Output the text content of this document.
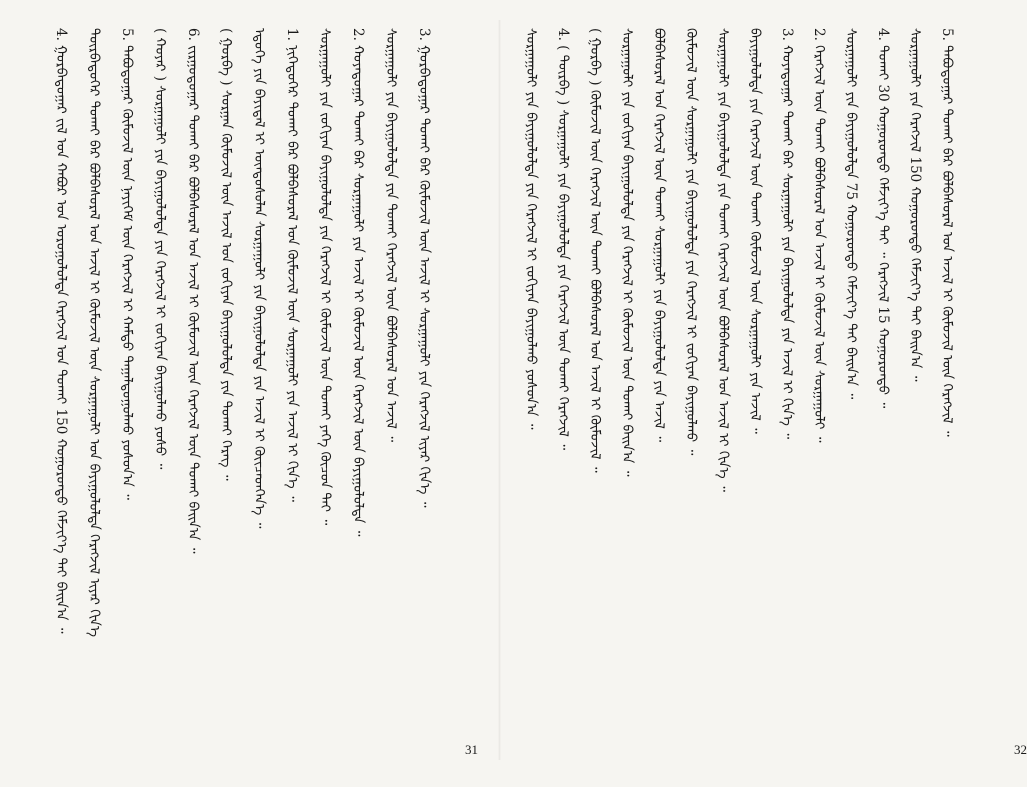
4. ᠭᠤᠷᠪᠠᠳᠤᠭᠠᠷ ᠵᠢᠯ ᠤᠨ ᠬᠠᠪᠤᠷ ᠤᠨ ᠤᠷᠤᠭᠤᠯᠤᠯᠳᠠ ᠬᠡᠷᠡᠭᠵᠢᠯ ᠤᠨ ᠲᠤᠬᠠᠢ 150 ᠬᠣᠭᠣᠷᠣᠨᠳᠣ ᠬᠡᠮᠵᠢᠶ᠎ᠡ ᠲᠠᠢ ᠪᠠᠢᠨ᠎ᠠ ᠃ ᠳᠦᠷᠪᠡᠳᠦᠭᠡᠷ ᠲᠤᠬᠠᠢ ᠪᠡᠷ ᠪᠣᠯᠪᠠᠰᠤᠷᠠᠯ ᠤᠨ ᠠᠵᠢᠯ ᠢ ᠬᠦᠮᠦᠵᠢᠯ ᠦᠨ ᠰᠤᠷᠭᠠᠭᠤᠯᠢ ᠤᠨ ᠪᠠᠶᠢᠭᠤᠯᠤᠯᠳᠠ ᠬᠡᠷᠡᠭᠵᠢᠯ ᠢᠶᠡᠷ ᠬᠢᠨ᠎ᠡ 5. ᠲᠠᠪᠤᠳᠤᠭᠠᠷ ᠬᠦᠮᠦᠵᠢᠯ ᠦᠨ ᠨᠡᠶᠢᠭᠡᠮ ᠦᠨ ᠬᠡᠷᠡᠭᠵᠢᠯ ᠢ ᠬᠠᠮᠲᠤ ᠳᠠᠭᠠᠯᠳᠤᠭᠤᠯᠬᠤ ᠶᠣᠰᠣᠨ᠎ᠠ ᠃ ( ᠬᠣᠶᠠᠷ ) ᠰᠤᠷᠭᠠᠭᠤᠯᠢ ᠶᠢᠨ ᠪᠠᠶᠢᠭᠤᠯᠤᠯᠳᠠ ᠶᠢᠨ ᠬᠡᠷᠡᠭᠵᠢᠯ ᠢ ᠵᠣᠬᠢᠶᠠᠨ ᠪᠠᠶᠢᠭᠤᠯᠬᠤ ᠶᠣᠰᠣ ᠃ 6. ᠵᠢᠷᠭᠤᠳᠤᠭᠠᠷ ᠲᠤᠬᠠᠢ ᠪᠡᠷ ᠪᠣᠯᠪᠠᠰᠤᠷᠠᠯ ᠤᠨ ᠠᠵᠢᠯ ᠢ ᠬᠦᠮᠦᠵᠢᠯ ᠦᠨ ᠬᠡᠷᠡᠭᠵᠢᠯ ᠦᠨ ᠲᠤᠬᠠᠢ ᠪᠠᠢᠨ᠎ᠠ ᠃ ( ᠭᠤᠷᠪᠠ ) ᠰᠤᠷᠭᠠᠨ ᠬᠦᠮᠦᠵᠢᠯ ᠦᠨ ᠠᠵᠢᠯ ᠤᠨ ᠵᠣᠬᠢᠶᠠᠨ ᠪᠠᠶᠢᠭᠤᠯᠤᠯᠳᠠ ᠶᠢᠨ ᠲᠤᠬᠠᠢ ᠭᠡᠷᠡᠭ ᠃ ᠡᠳᠦᠭᠡ ᠶᠢᠨ ᠪᠠᠶᠢᠳᠠᠯ ᠢ ᠦᠨᠳᠦᠰᠦᠯᠡᠨ ᠰᠤᠷᠭᠠᠭᠤᠯᠢ ᠶᠢᠨ ᠪᠠᠶᠢᠭᠤᠯᠤᠯᠳᠠ ᠶᠢᠨ ᠠᠵᠢᠯ ᠢ ᠭᠦᠢᠴᠡᠳᠭᠡᠨ᠎ᠡ ᠃ 1. ᠨᠢᠭᠡᠳᠦᠭᠡᠷ ᠲᠤᠬᠠᠢ ᠪᠡᠷ ᠪᠣᠯᠪᠠᠰᠤᠷᠠᠯ ᠤᠨ ᠬᠦᠮᠦᠵᠢᠯ ᠦᠨ ᠰᠤᠷᠭᠠᠭᠤᠯᠢ ᠶᠢᠨ ᠠᠵᠢᠯ ᠢ ᠬᠢᠨ᠎ᠡ ᠃ ᠰᠤᠷᠭᠠᠭᠤᠯᠢ ᠶᠢᠨ ᠵᠣᠬᠢᠶᠠᠨ ᠪᠠᠶᠢᠭᠤᠯᠤᠯᠳᠠ ᠶᠢᠨ ᠬᠡᠷᠡᠭᠵᠢᠯ ᠢ ᠬᠦᠮᠦᠵᠢᠯ ᠦᠨ ᠲᠤᠬᠠᠢ ᠶᠡᠬᠡ ᠬᠦᠴᠦᠨ ᠲᠠᠢ ᠃ 2. ᠬᠣᠶᠠᠳᠤᠭᠠᠷ ᠲᠤᠬᠠᠢ ᠪᠡᠷ ᠰᠤᠷᠭᠠᠭᠤᠯᠢ ᠶᠢᠨ ᠠᠵᠢᠯ ᠢ ᠬᠦᠮᠦᠵᠢᠯ ᠦᠨ ᠬᠡᠷᠡᠭᠵᠢᠯ ᠦᠨ ᠪᠠᠶᠢᠭᠤᠯᠤᠯᠳᠠ ᠃ ᠰᠤᠷᠭᠠᠭᠤᠯᠢ ᠶᠢᠨ ᠪᠠᠶᠢᠭᠤᠯᠤᠯᠳᠠ ᠶᠢᠨ ᠲᠤᠬᠠᠢ ᠬᠡᠷᠡᠭᠵᠢᠯ ᠦᠨ ᠪᠣᠯᠪᠠᠰᠤᠷᠠᠯ ᠤᠨ ᠠᠵᠢᠯ ᠃ 3. ᠭᠤᠷᠪᠠᠳᠤᠭᠠᠷ ᠲᠤᠬᠠᠢ ᠪᠡᠷ ᠬᠦᠮᠦᠵᠢᠯ ᠦᠨ ᠠᠵᠢᠯ ᠢ ᠰᠤᠷᠭᠠᠭᠤᠯᠢ ᠶᠢᠨ ᠬᠡᠷᠡᠭᠵᠢᠯ ᠢᠶᠡᠷ ᠬᠢᠨ᠎ᠡ ᠃
31
ᠰᠤᠷᠭᠠᠭᠤᠯᠢ ᠶᠢᠨ ᠪᠠᠶᠢᠭᠤᠯᠤᠯᠳᠠ ᠶᠢᠨ ᠬᠡᠷᠡᠭᠵᠢᠯ ᠢ ᠵᠣᠬᠢᠶᠠᠨ ᠪᠠᠶᠢᠭᠤᠯᠬᠤ ᠶᠣᠰᠣᠨ᠎ᠠ ᠃ 4. ( ᠳᠦᠷᠪᠡ ) ᠰᠤᠷᠭᠠᠭᠤᠯᠢ ᠶᠢᠨ ᠪᠠᠶᠢᠭᠤᠯᠤᠯᠳᠠ ᠶᠢᠨ ᠬᠡᠷᠡᠭᠵᠢᠯ ᠦᠨ ᠲᠤᠬᠠᠢ ᠬᠡᠷᠡᠭᠵᠢᠯ ᠃ ( ᠭᠤᠷᠪᠠ ) ᠬᠦᠮᠦᠵᠢᠯ ᠦᠨ ᠬᠡᠷᠡᠭᠵᠢᠯ ᠦᠨ ᠲᠤᠬᠠᠢ ᠪᠣᠯᠪᠠᠰᠤᠷᠠᠯ ᠤᠨ ᠠᠵᠢᠯ ᠢ ᠬᠦᠮᠦᠵᠢᠯ ᠃ ᠰᠤᠷᠭᠠᠭᠤᠯᠢ ᠶᠢᠨ ᠵᠣᠬᠢᠶᠠᠨ ᠪᠠᠶᠢᠭᠤᠯᠤᠯᠳᠠ ᠶᠢᠨ ᠬᠡᠷᠡᠭᠵᠢᠯ ᠢ ᠬᠦᠮᠦᠵᠢᠯ ᠦᠨ ᠲᠤᠬᠠᠢ ᠪᠠᠢᠨ᠎ᠠ ᠃ ᠪᠣᠯᠪᠠᠰᠤᠷᠠᠯ ᠤᠨ ᠬᠡᠷᠡᠭᠵᠢᠯ ᠦᠨ ᠲᠤᠬᠠᠢ ᠰᠤᠷᠭᠠᠭᠤᠯᠢ ᠶᠢᠨ ᠪᠠᠶᠢᠭᠤᠯᠤᠯᠳᠠ ᠶᠢᠨ ᠠᠵᠢᠯ ᠃ ᠬᠦᠮᠦᠵᠢᠯ ᠦᠨ ᠰᠤᠷᠭᠠᠭᠤᠯᠢ ᠶᠢᠨ ᠪᠠᠶᠢᠭᠤᠯᠤᠯᠳᠠ ᠶᠢᠨ ᠬᠡᠷᠡᠭᠵᠢᠯ ᠢ ᠵᠣᠬᠢᠶᠠᠨ ᠪᠠᠶᠢᠭᠤᠯᠬᠤ ᠃ ᠰᠤᠷᠭᠠᠭᠤᠯᠢ ᠶᠢᠨ ᠪᠠᠶᠢᠭᠤᠯᠤᠯᠳᠠ ᠶᠢᠨ ᠲᠤᠬᠠᠢ ᠬᠡᠷᠡᠭᠵᠢᠯ ᠦᠨ ᠪᠣᠯᠪᠠᠰᠤᠷᠠᠯ ᠤᠨ ᠠᠵᠢᠯ ᠢ ᠬᠢᠨ᠎ᠡ ᠃ ᠪᠠᠶᠢᠭᠤᠯᠤᠯᠳᠠ ᠶᠢᠨ ᠬᠡᠷᠡᠭᠵᠢᠯ ᠦᠨ ᠲᠤᠬᠠᠢ ᠬᠦᠮᠦᠵᠢᠯ ᠦᠨ ᠰᠤᠷᠭᠠᠭᠤᠯᠢ ᠶᠢᠨ ᠠᠵᠢᠯ ᠃ 3. ᠬᠣᠶᠠᠳᠤᠭᠠᠷ ᠲᠤᠬᠠᠢ ᠪᠡᠷ ᠰᠤᠷᠭᠠᠭᠤᠯᠢ ᠶᠢᠨ ᠪᠠᠶᠢᠭᠤᠯᠤᠯᠳᠠ ᠶᠢᠨ ᠠᠵᠢᠯ ᠢ ᠬᠢᠨ᠎ᠡ ᠃ 2. ᠬᠡᠷᠡᠭᠵᠢᠯ ᠦᠨ ᠲᠤᠬᠠᠢ ᠪᠣᠯᠪᠠᠰᠤᠷᠠᠯ ᠤᠨ ᠠᠵᠢᠯ ᠢ ᠬᠦᠮᠦᠵᠢᠯ ᠦᠨ ᠰᠤᠷᠭᠠᠭᠤᠯᠢ ᠃ ᠰᠤᠷᠭᠠᠭᠤᠯᠢ ᠶᠢᠨ ᠪᠠᠶᠢᠭᠤᠯᠤᠯᠳᠠ 75 ᠬᠣᠭᠣᠷᠣᠨᠳᠣ ᠬᠡᠮᠵᠢᠶ᠎ᠡ ᠲᠠᠢ ᠪᠠᠢᠨ᠎ᠠ ᠃ 4. ᠲᠤᠬᠠᠢ 30 ᠬᠣᠭᠣᠷᠣᠨᠳᠣ ᠬᠡᠮᠵᠢᠶ᠎ᠡ ᠲᠠᠢ ᠃ ᠬᠡᠷᠡᠭᠵᠢᠯ 15 ᠬᠣᠭᠣᠷᠣᠨᠳᠣ ᠃ ᠰᠤᠷᠭᠠᠭᠤᠯᠢ ᠶᠢᠨ ᠬᠡᠷᠡᠭᠵᠢᠯ 150 ᠬᠣᠭᠣᠷᠣᠨᠳᠣ ᠬᠡᠮᠵᠢᠶ᠎ᠡ ᠲᠠᠢ ᠪᠠᠢᠨ᠎ᠠ ᠃ 5. ᠲᠠᠪᠤᠳᠤᠭᠠᠷ ᠲᠤᠬᠠᠢ ᠪᠡᠷ ᠪᠣᠯᠪᠠᠰᠤᠷᠠᠯ ᠤᠨ ᠠᠵᠢᠯ ᠢ ᠬᠦᠮᠦᠵᠢᠯ ᠦᠨ ᠬᠡᠷᠡᠭᠵᠢᠯ ᠃
32
